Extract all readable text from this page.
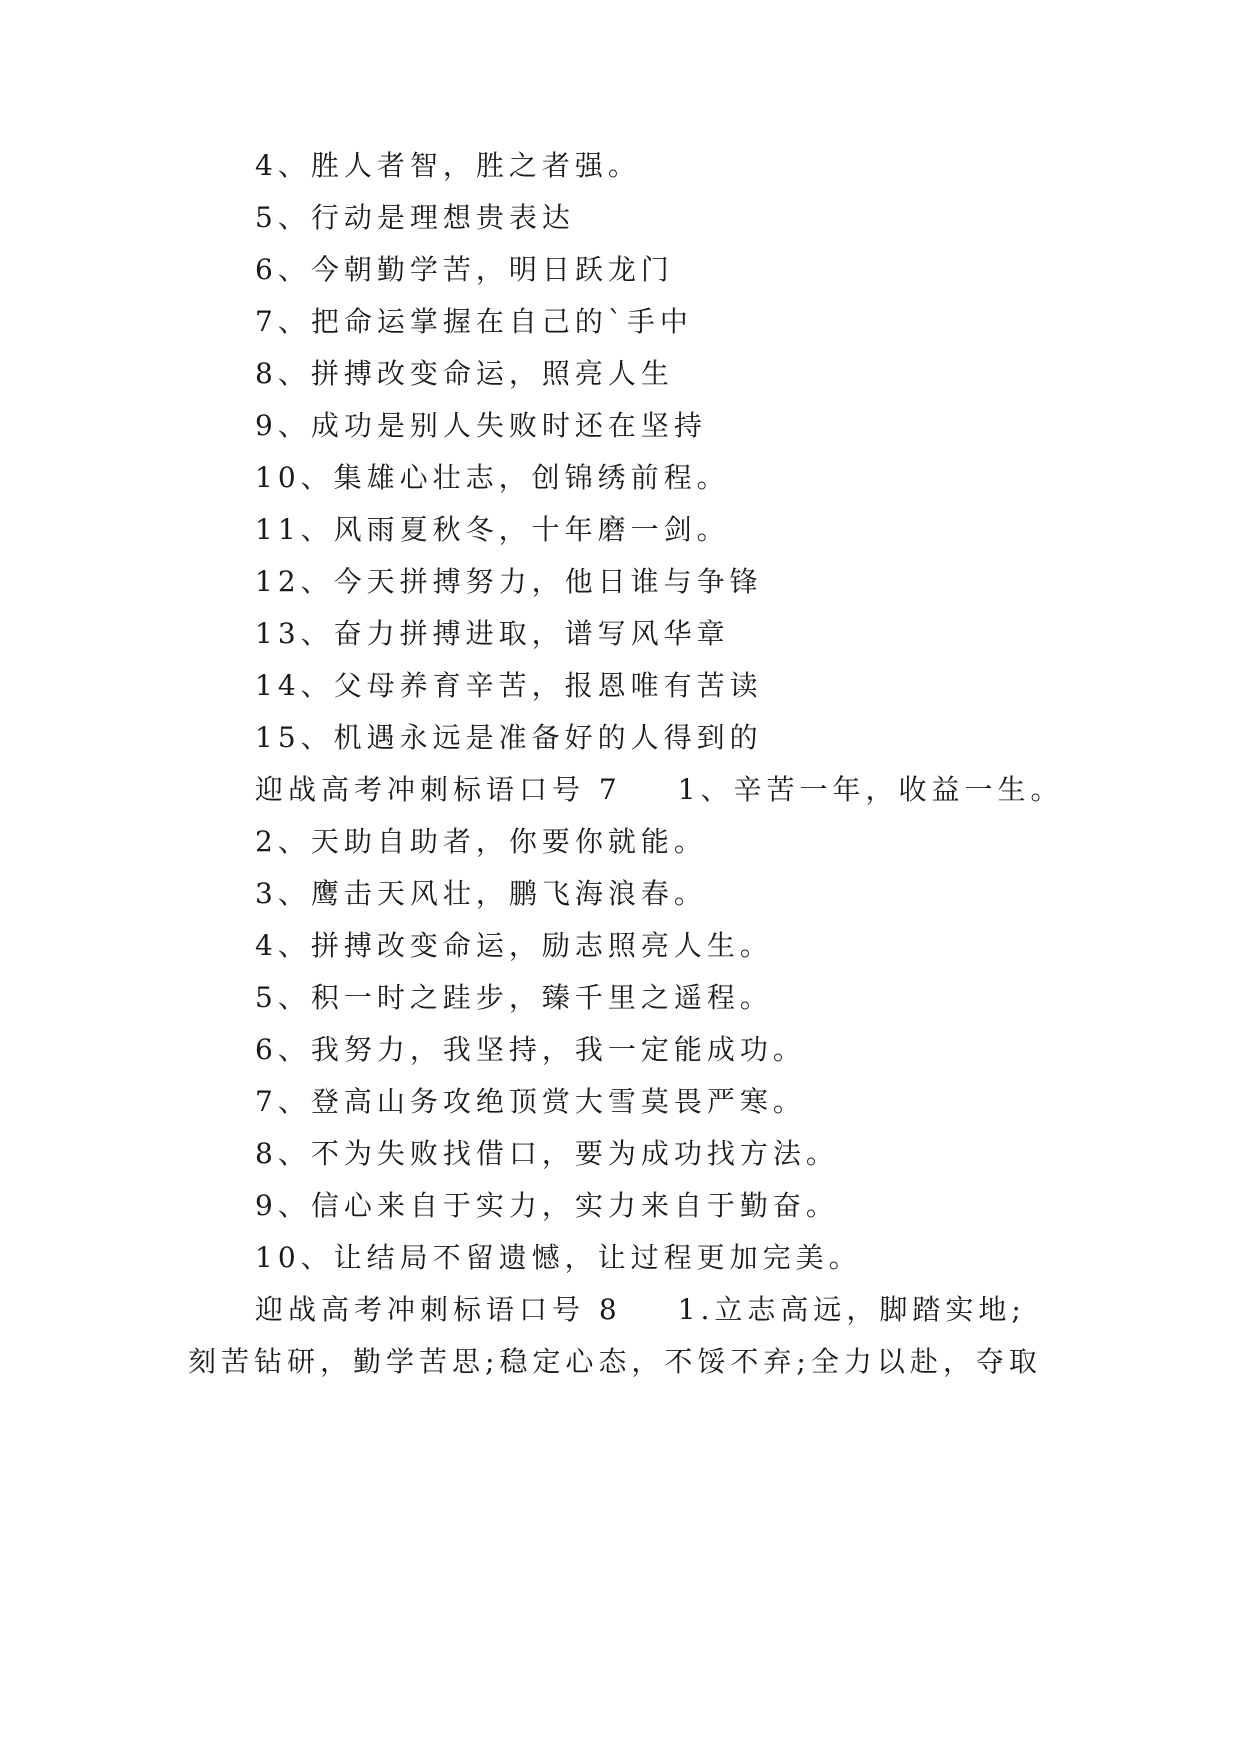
4、胜人者智，胜之者强。
5、行动是理想贵表达
6、今朝勤学苦，明日跃龙门
7、把命运掌握在自己的`手中
8、拼搏改变命运，照亮人生
9、成功是别人失败时还在坚持
10、集雄心壮志，创锦绣前程。
11、风雨夏秋冬，十年磨一剑。
12、今天拼搏努力，他日谁与争锋
13、奋力拼搏进取，谱写风华章
14、父母养育辛苦，报恩唯有苦读
15、机遇永远是准备好的人得到的
迎战高考冲刺标语口号 7 1、辛苦一年，收益一生。
2、天助自助者，你要你就能。
3、鹰击天风壮，鹏飞海浪春。
4、拼搏改变命运，励志照亮人生。
5、积一时之跬步，臻千里之遥程。
6、我努力，我坚持，我一定能成功。
7、登高山务攻绝顶赏大雪莫畏严寒。
8、不为失败找借口，要为成功找方法。
9、信心来自于实力，实力来自于勤奋。
10、让结局不留遗憾，让过程更加完美。
迎战高考冲刺标语口号 8 1.立志高远，脚踏实地;
刻苦钻研，勤学苦思;稳定心态，不馁不弃;全力以赴，夺取
